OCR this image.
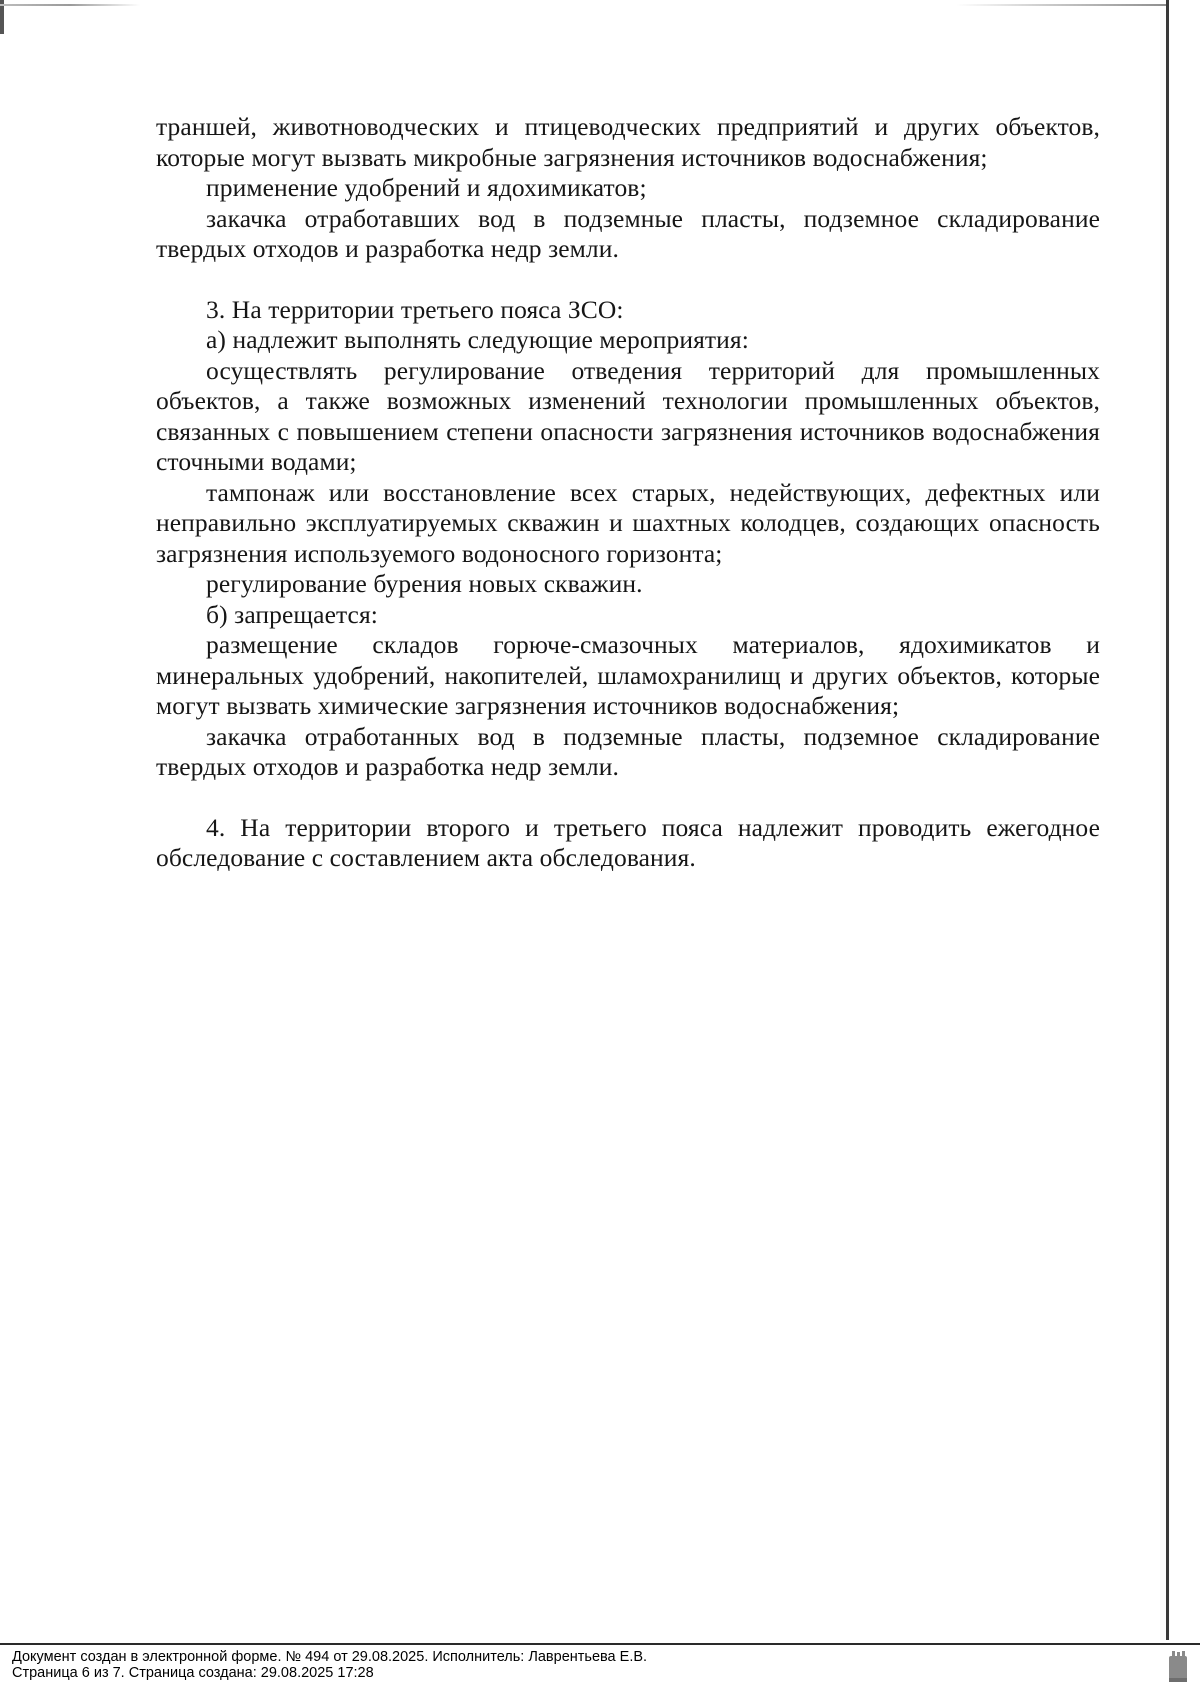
траншей, животноводческих и птицеводческих предприятий и других объектов, которые могут вызвать микробные загрязнения источников водоснабжения;

применение удобрений и ядохимикатов;

закачка отработавших вод в подземные пласты, подземное складирование твердых отходов и разработка недр земли.

3. На территории третьего пояса ЗСО:

а) надлежит выполнять следующие мероприятия:

осуществлять регулирование отведения территорий для промышленных объектов, а также возможных изменений технологии промышленных объектов, связанных с повышением степени опасности загрязнения источников водоснабжения сточными водами;

тампонаж или восстановление всех старых, недействующих, дефектных или неправильно эксплуатируемых скважин и шахтных колодцев, создающих опасность загрязнения используемого водоносного горизонта;

регулирование бурения новых скважин.

б) запрещается:

размещение складов горюче-смазочных материалов, ядохимикатов и минеральных удобрений, накопителей, шламохранилищ и других объектов, которые могут вызвать химические загрязнения источников водоснабжения;

закачка отработанных вод в подземные пласты, подземное складирование твердых отходов и разработка недр земли.

4. На территории второго и третьего пояса надлежит проводить ежегодное обследование с составлением акта обследования.

Документ создан в электронной форме. № 494 от 29.08.2025. Исполнитель: Лаврентьева Е.В.
Страница 6 из 7. Страница создана: 29.08.2025 17:28
